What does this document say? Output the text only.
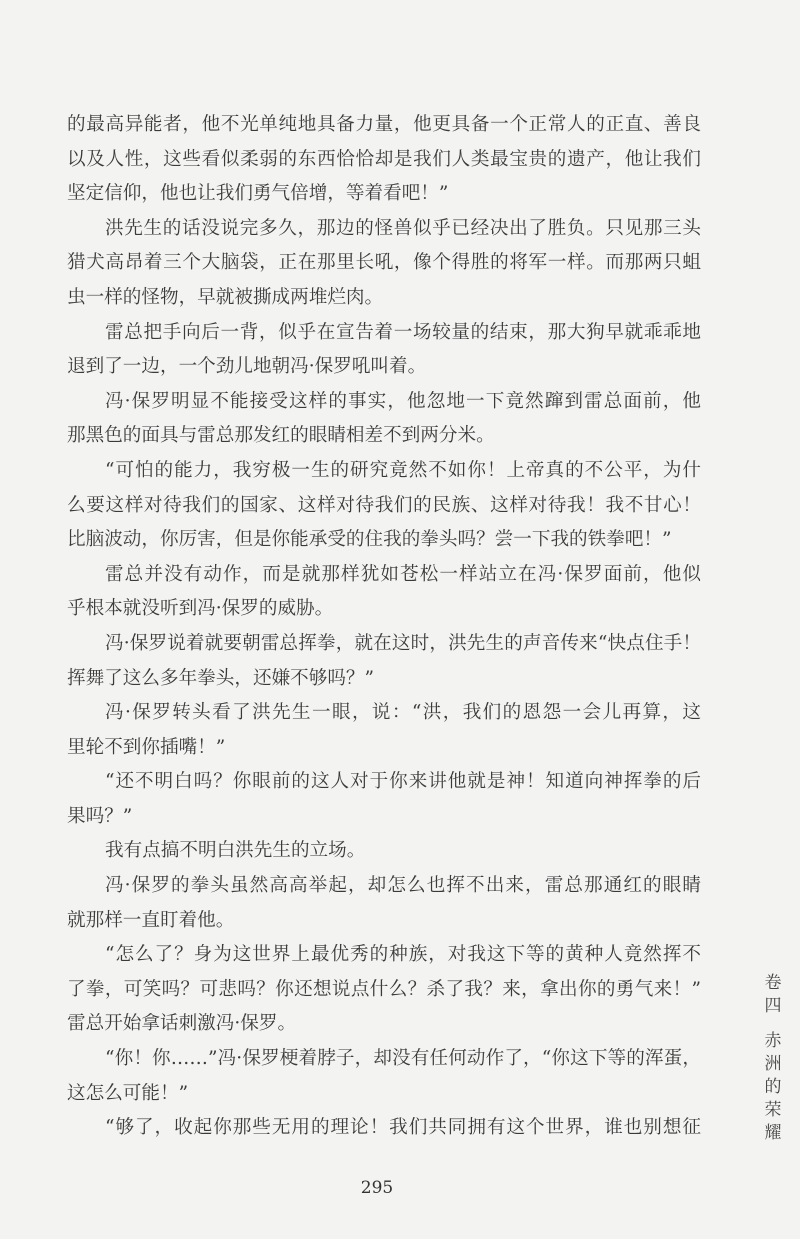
的最高异能者，他不光单纯地具备力量，他更具备一个正常人的正直、善良
以及人性，这些看似柔弱的东西恰恰却是我们人类最宝贵的遗产，他让我们
坚定信仰，他也让我们勇气倍增，等着看吧！”
洪先生的话没说完多久，那边的怪兽似乎已经决出了胜负。只见那三头
猎犬高昂着三个大脑袋，正在那里长吼，像个得胜的将军一样。而那两只蛆
虫一样的怪物，早就被撕成两堆烂肉。
雷总把手向后一背，似乎在宣告着一场较量的结束，那大狗早就乖乖地
退到了一边，一个劲儿地朝冯·保罗吼叫着。
冯·保罗明显不能接受这样的事实，他忽地一下竟然蹿到雷总面前，他
那黑色的面具与雷总那发红的眼睛相差不到两分米。
“可怕的能力，我穷极一生的研究竟然不如你！上帝真的不公平，为什
么要这样对待我们的国家、这样对待我们的民族、这样对待我！我不甘心！
比脑波动，你厉害，但是你能承受的住我的拳头吗？尝一下我的铁拳吧！”
雷总并没有动作，而是就那样犹如苍松一样站立在冯·保罗面前，他似
乎根本就没听到冯·保罗的威胁。
冯·保罗说着就要朝雷总挥拳，就在这时，洪先生的声音传来“快点住手！
挥舞了这么多年拳头，还嫌不够吗？”
冯·保罗转头看了洪先生一眼，说：“洪，我们的恩怨一会儿再算，这
里轮不到你插嘴！”
“还不明白吗？你眼前的这人对于你来讲他就是神！知道向神挥拳的后
果吗？”
我有点搞不明白洪先生的立场。
冯·保罗的拳头虽然高高举起，却怎么也挥不出来，雷总那通红的眼睛
就那样一直盯着他。
“怎么了？身为这世界上最优秀的种族，对我这下等的黄种人竟然挥不
了拳，可笑吗？可悲吗？你还想说点什么？杀了我？来，拿出你的勇气来！”
雷总开始拿话刺激冯·保罗。
“你！你……”冯·保罗梗着脖子，却没有任何动作了，“你这下等的浑蛋，
这怎么可能！”
“够了，收起你那些无用的理论！我们共同拥有这个世界，谁也别想征
295
卷
四
赤
洲
的
荣
耀
